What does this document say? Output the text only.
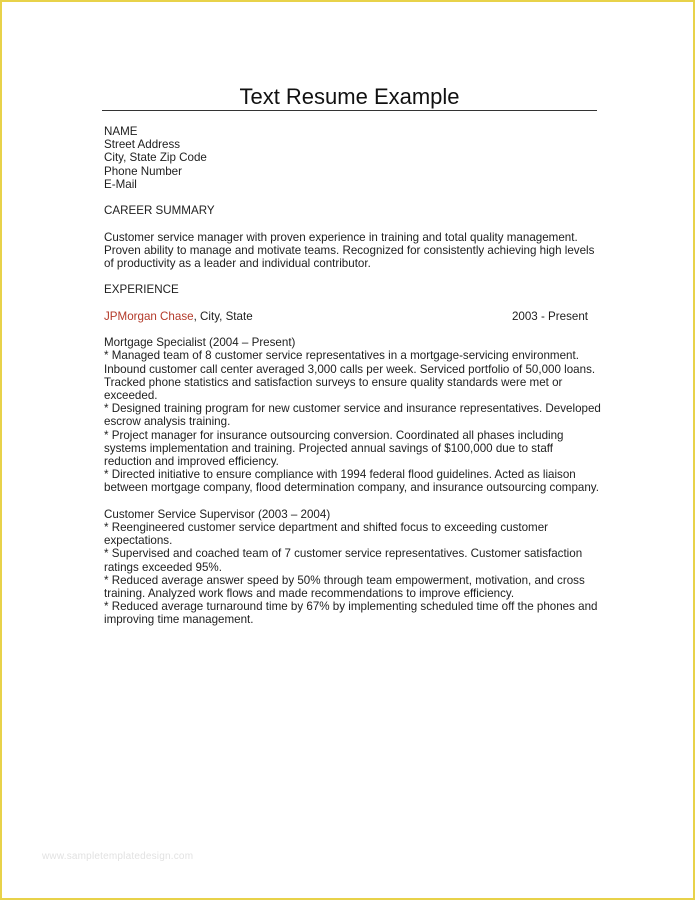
Text Resume Example
NAME
Street Address
City, State Zip Code
Phone Number
E-Mail
CAREER SUMMARY
Customer service manager with proven experience in training and total quality management.
Proven ability to manage and motivate teams. Recognized for consistently achieving high levels
of productivity as a leader and individual contributor.
EXPERIENCE
JPMorgan Chase, City, State	2003 - Present
Mortgage Specialist (2004 – Present)
* Managed team of 8 customer service representatives in a mortgage-servicing environment.
Inbound customer call center averaged 3,000 calls per week. Serviced portfolio of 50,000 loans.
Tracked phone statistics and satisfaction surveys to ensure quality standards were met or
exceeded.
* Designed training program for new customer service and insurance representatives. Developed
escrow analysis training.
* Project manager for insurance outsourcing conversion. Coordinated all phases including
systems implementation and training. Projected annual savings of $100,000 due to staff
reduction and improved efficiency.
* Directed initiative to ensure compliance with 1994 federal flood guidelines. Acted as liaison
between mortgage company, flood determination company, and insurance outsourcing company.
Customer Service Supervisor (2003 – 2004)
* Reengineered customer service department and shifted focus to exceeding customer
expectations.
* Supervised and coached team of 7 customer service representatives. Customer satisfaction
ratings exceeded 95%.
* Reduced average answer speed by 50% through team empowerment, motivation, and cross
training. Analyzed work flows and made recommendations to improve efficiency.
* Reduced average turnaround time by 67% by implementing scheduled time off the phones and
improving time management.
www.sampletemplatedesign.com
